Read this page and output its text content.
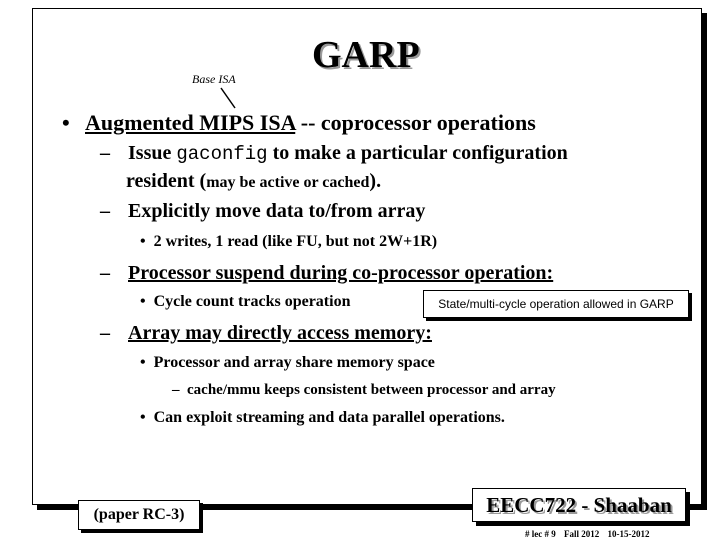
GARP
Base ISA
• Augmented MIPS ISA -- coprocessor operations
– Issue gaconfig to make a particular configuration
resident (may be active or cached).
– Explicitly move data to/from array
• 2 writes, 1 read (like FU, but not 2W+1R)
– Processor suspend during co-processor operation:
• Cycle count tracks operation	State/multi-cycle operation allowed in GARP
– Array may directly access memory:
• Processor and array share memory space
– cache/mmu keeps consistent between processor and array
• Can exploit streaming and data parallel operations.
(paper RC-3)	EECC722 - Shaaban
# lec # 9 Fall 2012 10-15-2012
